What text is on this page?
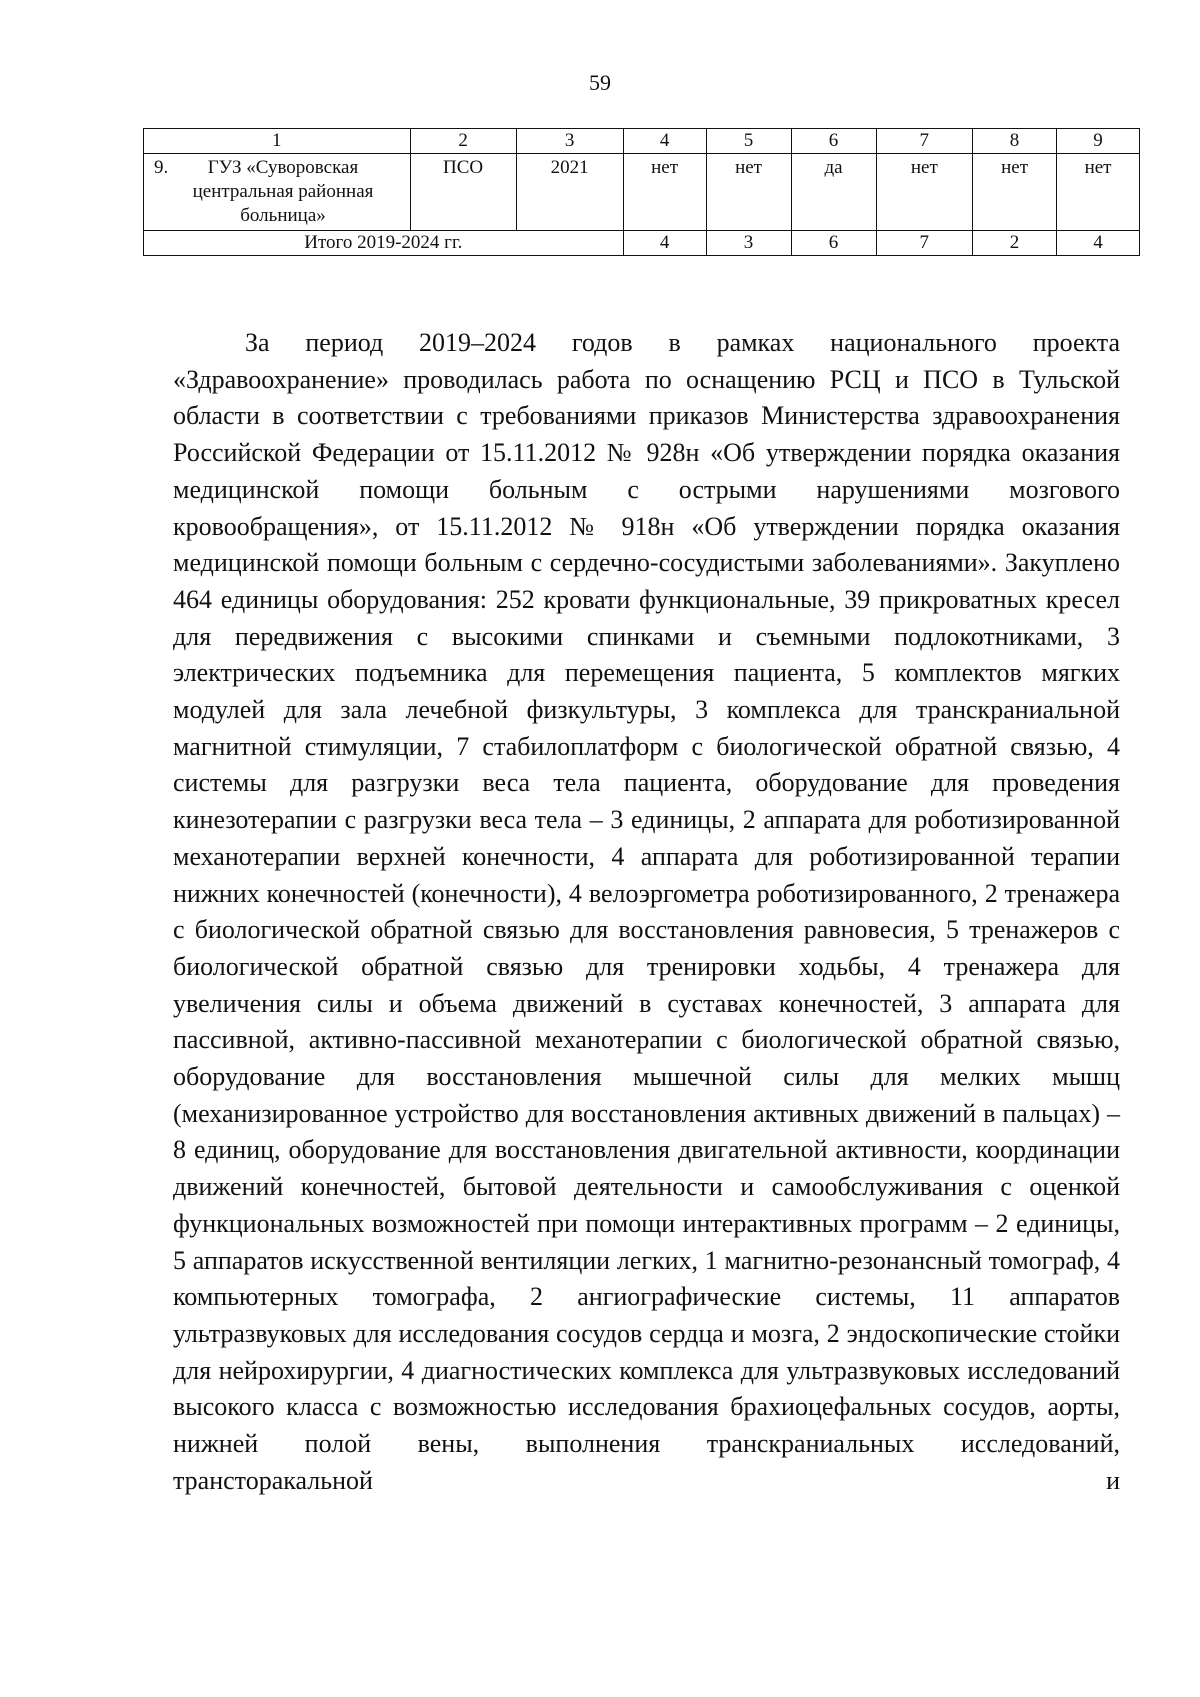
59
1	2	3	4	5	6	7	8	9
9. ГУЗ «Суворовская центральная районная больница»	ПСО	2021	нет	нет	да	нет	нет	нет
Итого 2019-2024 гг.			4	3	6	7	2	4

За период 2019–2024 годов в рамках национального проекта «Здравоохранение» проводилась работа по оснащению РСЦ и ПСО в Тульской области в соответствии с требованиями приказов Министерства здравоохранения Российской Федерации от 15.11.2012 № 928н «Об утверждении порядка оказания медицинской помощи больным с острыми нарушениями мозгового кровообращения», от 15.11.2012 № 918н «Об утверждении порядка оказания медицинской помощи больным с сердечно-сосудистыми заболеваниями». Закуплено 464 единицы оборудования: 252 кровати функциональные, 39 прикроватных кресел для передвижения с высокими спинками и съемными подлокотниками, 3 электрических подъемника для перемещения пациента, 5 комплектов мягких модулей для зала лечебной физкультуры, 3 комплекса для транскраниальной магнитной стимуляции, 7 стабилоплатформ с биологической обратной связью, 4 системы для разгрузки веса тела пациента, оборудование для проведения кинезотерапии с разгрузки веса тела – 3 единицы, 2 аппарата для роботизированной механотерапии верхней конечности, 4 аппарата для роботизированной терапии нижних конечностей (конечности), 4 велоэргометра роботизированного, 2 тренажера с биологической обратной связью для восстановления равновесия, 5 тренажеров с биологической обратной связью для тренировки ходьбы, 4 тренажера для увеличения силы и объема движений в суставах конечностей, 3 аппарата для пассивной, активно-пассивной механотерапии с биологической обратной связью, оборудование для восстановления мышечной силы для мелких мышц (механизированное устройство для восстановления активных движений в пальцах) – 8 единиц, оборудование для восстановления двигательной активности, координации движений конечностей, бытовой деятельности и самообслуживания с оценкой функциональных возможностей при помощи интерактивных программ – 2 единицы, 5 аппаратов искусственной вентиляции легких, 1 магнитно-резонансный томограф, 4 компьютерных томографа, 2 ангиографические системы, 11 аппаратов ультразвуковых для исследования сосудов сердца и мозга, 2 эндоскопические стойки для нейрохирургии, 4 диагностических комплекса для ультразвуковых исследований высокого класса с возможностью исследования брахиоцефальных сосудов, аорты, нижней полой вены, выполнения транскраниальных исследований, трансторакальной и
